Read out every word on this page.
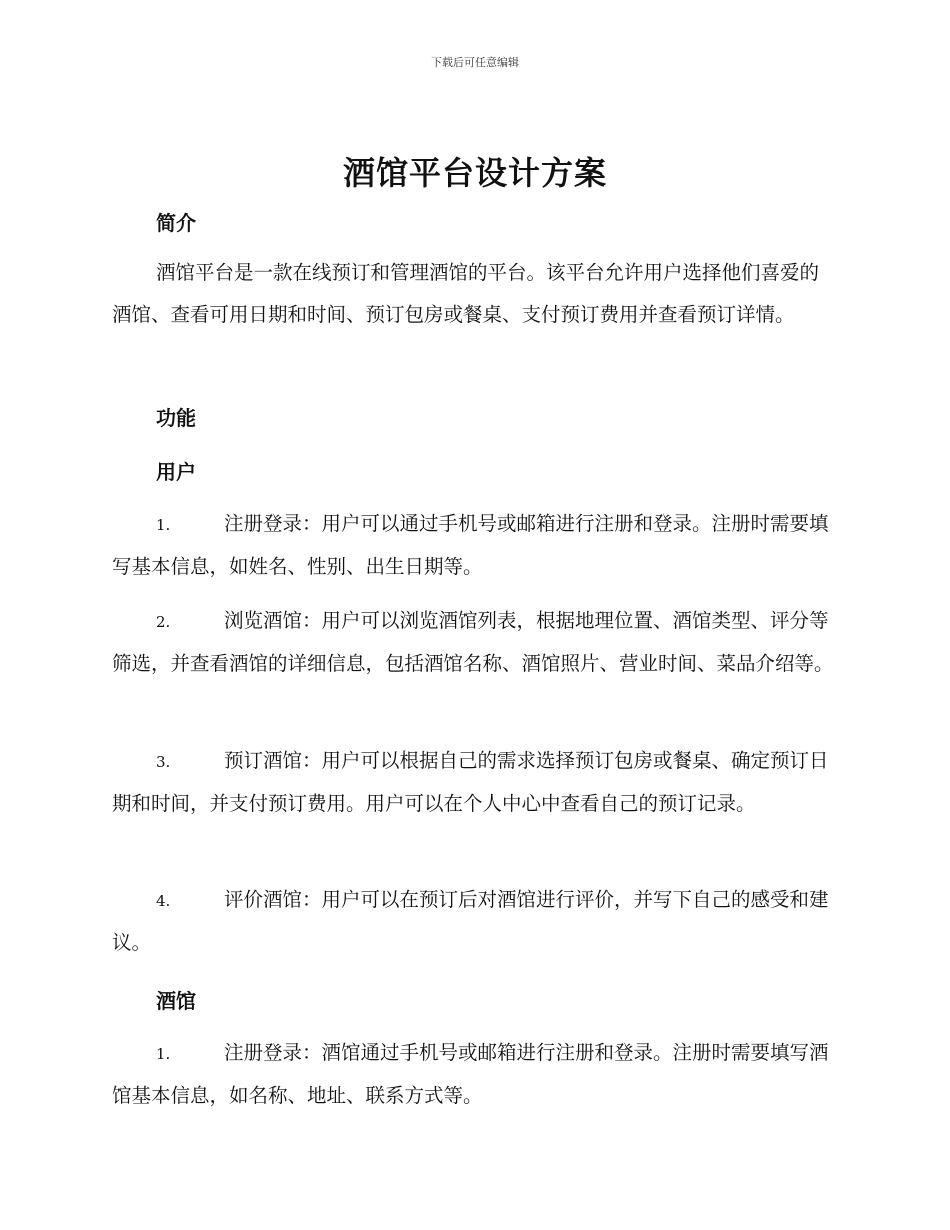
下载后可任意编辑
酒馆平台设计方案
简介
酒馆平台是一款在线预订和管理酒馆的平台。该平台允许用户选择他们喜爱的酒馆、查看可用日期和时间、预订包房或餐桌、支付预订费用并查看预订详情。
功能
用户
1.	注册登录：用户可以通过手机号或邮箱进行注册和登录。注册时需要填写基本信息，如姓名、性别、出生日期等。
2.	浏览酒馆：用户可以浏览酒馆列表，根据地理位置、酒馆类型、评分等筛选，并查看酒馆的详细信息，包括酒馆名称、酒馆照片、营业时间、菜品介绍等。
3.	预订酒馆：用户可以根据自己的需求选择预订包房或餐桌、确定预订日期和时间，并支付预订费用。用户可以在个人中心中查看自己的预订记录。
4.	评价酒馆：用户可以在预订后对酒馆进行评价，并写下自己的感受和建议。
酒馆
1.	注册登录：酒馆通过手机号或邮箱进行注册和登录。注册时需要填写酒馆基本信息，如名称、地址、联系方式等。
